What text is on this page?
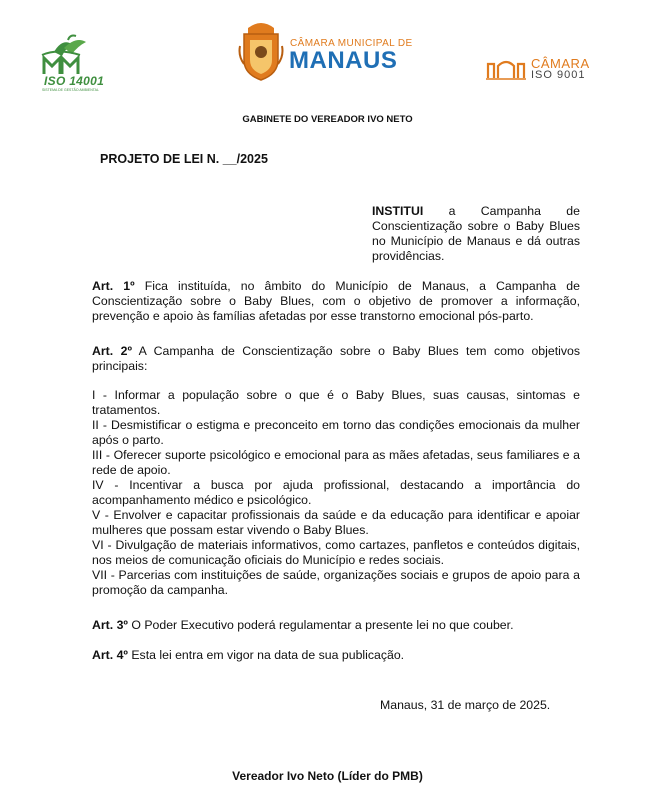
ISO 14001
SISTEMA DE GESTÃO AMBIENTAL
CÂMARA MUNICIPAL DE
MANAUS	CÂMARA
ISO 9001
GABINETE DO VEREADOR IVO NETO
PROJETO DE LEI N. __/2025
INSTITUI a Campanha de Conscientização sobre o Baby Blues no Município de Manaus e dá outras providências.
Art. 1º Fica instituída, no âmbito do Município de Manaus, a Campanha de Conscientização sobre o Baby Blues, com o objetivo de promover a informação, prevenção e apoio às famílias afetadas por esse transtorno emocional pós-parto.
Art. 2º A Campanha de Conscientização sobre o Baby Blues tem como objetivos principais:
I - Informar a população sobre o que é o Baby Blues, suas causas, sintomas e tratamentos.
II - Desmistificar o estigma e preconceito em torno das condições emocionais da mulher após o parto.
III - Oferecer suporte psicológico e emocional para as mães afetadas, seus familiares e a rede de apoio.
IV - Incentivar a busca por ajuda profissional, destacando a importância do acompanhamento médico e psicológico.
V - Envolver e capacitar profissionais da saúde e da educação para identificar e apoiar mulheres que possam estar vivendo o Baby Blues.
VI - Divulgação de materiais informativos, como cartazes, panfletos e conteúdos digitais, nos meios de comunicação oficiais do Município e redes sociais.
VII - Parcerias com instituições de saúde, organizações sociais e grupos de apoio para a promoção da campanha.
Art. 3º O Poder Executivo poderá regulamentar a presente lei no que couber.
Art. 4º Esta lei entra em vigor na data de sua publicação.
Manaus, 31 de março de 2025.
Vereador Ivo Neto (Líder do PMB)
